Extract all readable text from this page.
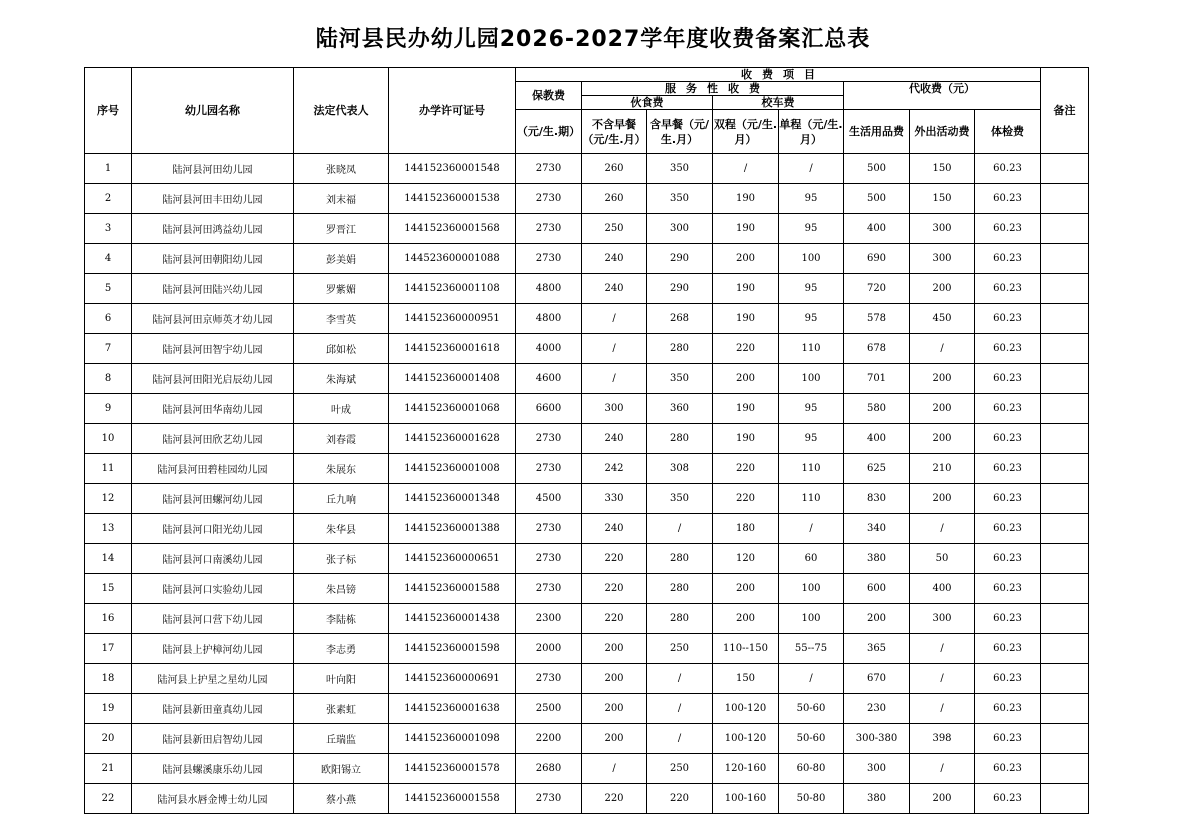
陆河县民办幼儿园2026-2027学年度收费备案汇总表
序号	幼儿园名称	法定代表人	办学许可证号	收费项目								备注
				保教费	服务性收费				代收费（元）			
					伙食费		校车费					
				（元/生.期）	不含早餐（元/生.月）	含早餐（元/生.月）	双程（元/生.月）	单程（元/生.月）	生活用品费	外出活动费	体检费	
1	陆河县河田幼儿园	张晓凤	144152360001548	2730	260	350	/	/	500	150	60.23	
2	陆河县河田丰田幼儿园	刘末福	144152360001538	2730	260	350	190	95	500	150	60.23	
3	陆河县河田鸿益幼儿园	罗晋江	144152360001568	2730	250	300	190	95	400	300	60.23	
4	陆河县河田朝阳幼儿园	彭美娟	144523600001088	2730	240	290	200	100	690	300	60.23	
5	陆河县河田陆兴幼儿园	罗紫媚	144152360001108	4800	240	290	190	95	720	200	60.23	
6	陆河县河田京师英才幼儿园	李雪英	144152360000951	4800	/	268	190	95	578	450	60.23	
7	陆河县河田智宇幼儿园	邱如松	144152360001618	4000	/	280	220	110	678	/	60.23	
8	陆河县河田阳光启辰幼儿园	朱海斌	144152360001408	4600	/	350	200	100	701	200	60.23	
9	陆河县河田华南幼儿园	叶成	144152360001068	6600	300	360	190	95	580	200	60.23	
10	陆河县河田欣艺幼儿园	刘春霞	144152360001628	2730	240	280	190	95	400	200	60.23	
11	陆河县河田碧桂园幼儿园	朱展东	144152360001008	2730	242	308	220	110	625	210	60.23	
12	陆河县河田螺河幼儿园	丘九响	144152360001348	4500	330	350	220	110	830	200	60.23	
13	陆河县河口阳光幼儿园	朱华县	144152360001388	2730	240	/	180	/	340	/	60.23	
14	陆河县河口南溪幼儿园	张子标	144152360000651	2730	220	280	120	60	380	50	60.23	
15	陆河县河口实验幼儿园	朱昌镑	144152360001588	2730	220	280	200	100	600	400	60.23	
16	陆河县河口营下幼儿园	李陆栋	144152360001438	2300	220	280	200	100	200	300	60.23	
17	陆河县上护樟河幼儿园	李志勇	144152360001598	2000	200	250	110--150	55--75	365	/	60.23	
18	陆河县上护星之星幼儿园	叶向阳	144152360000691	2730	200	/	150	/	670	/	60.23	
19	陆河县新田童真幼儿园	张素虹	144152360001638	2500	200	/	100-120	50-60	230	/	60.23	
20	陆河县新田启智幼儿园	丘瑞监	144152360001098	2200	200	/	100-120	50-60	300-380	398	60.23	
21	陆河县螺溪康乐幼儿园	欧阳锡立	144152360001578	2680	/	250	120-160	60-80	300	/	60.23	
22	陆河县水唇金博士幼儿园	蔡小燕	144152360001558	2730	220	220	100-160	50-80	380	200	60.23	
